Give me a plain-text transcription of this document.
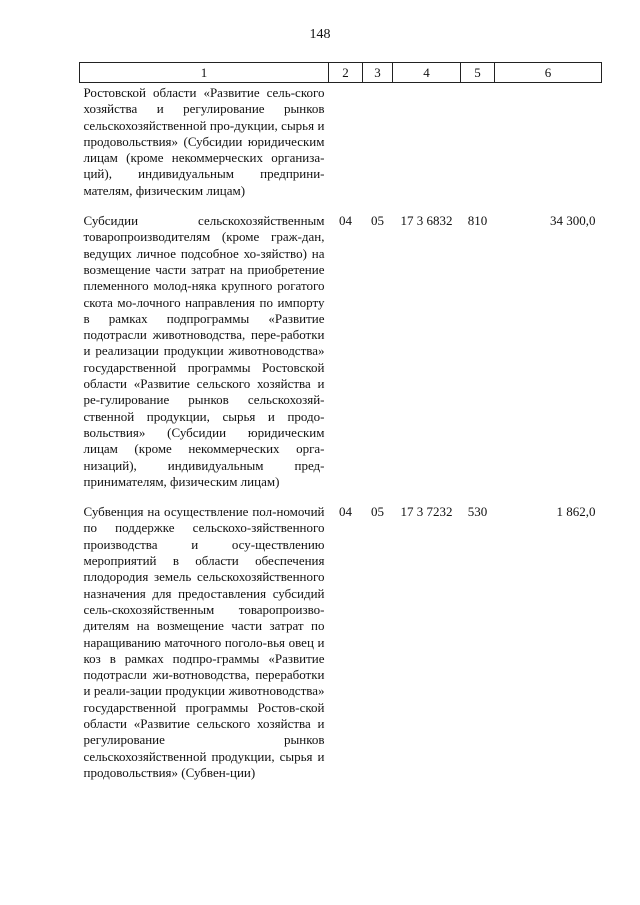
148
1	2	3	4	5	6
Ростовской области «Развитие сель-ского хозяйства и регулирование рынков сельскохозяйственной про-дукции, сырья и продовольствия» (Субсидии юридическим лицам (кроме некоммерческих организа-ций), индивидуальным предприни-мателям, физическим лицам)					
Субсидии сельскохозяйственным товаропроизводителям (кроме граж-дан, ведущих личное подсобное хо-зяйство) на возмещение части затрат на приобретение племенного молод-няка крупного рогатого скота мо-лочного направления по импорту в рамках подпрограммы «Развитие подотрасли животноводства, пере-работки и реализации продукции животноводства» государственной программы Ростовской области «Развитие сельского хозяйства и ре-гулирование рынков сельскохозяй-ственной продукции, сырья и продо-вольствия» (Субсидии юридическим лицам (кроме некоммерческих орга-низаций), индивидуальным пред-принимателям, физическим лицам)	04	05	17 3 6832	810	34 300,0
Субвенция на осуществление пол-номочий по поддержке сельскохо-зяйственного производства и осу-ществлению мероприятий в области обеспечения плодородия земель сельскохозяйственного назначения для предоставления субсидий сель-скохозяйственным товаропроизво-дителям на возмещение части затрат по наращиванию маточного поголо-вья овец и коз в рамках подпро-граммы «Развитие подотрасли жи-вотноводства, переработки и реали-зации продукции животноводства» государственной программы Ростов-ской области «Развитие сельского хозяйства и регулирование рынков сельскохозяйственной продукции, сырья и продовольствия» (Субвен-ции)	04	05	17 3 7232	530	1 862,0
